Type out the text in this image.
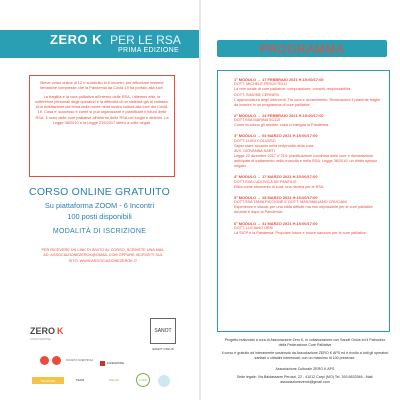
ZERO K PER LE RSA
PRIMA EDIZIONE

Breve corso online di 12 h suddiviso in 6 incontri, per affrontare insieme tematiche complesse che la Pandemia da Covid-19 ha portato alla luce.

La fragilità e la cura palliativa all'interno delle RSA, i dilemmi etici, le sofferenze personali degli operatori e la difficoltà di un sistema già al collasso. Una rivisitazione del tema della morte nella nostra cultura alla luce del Covid-19. Cosa e' successo e come si può organizzare e pianificare il futuro delle RSA. Il ruolo delle cure palliative all'interno delle RSA nei luoghi e dintorni. La Legge 38/2010 e la Legge 219/2017 dietro a volte negati.

CORSO ONLINE GRATUITO
Su piattaforma ZOOM - 6 Incontri
100 posti disponibili
MODALITÀ DI ISCRIZIONE
PER RICEVERE UN LINK DI INVITO AL CORSO, SCRIVETE UNA MAIL AD: ASSOCIAZIONEZEROK@GMAIL.COM OPPURE ISCRIVETI SUL SITO: WWW.ASSOCIAZIONEZEROK.IT
ZERO K
ASSOCIAZIONE
SANOT
SANOT ONLUS
SOCIETÀ SCIENTIFICA
FONDAZIONE
TELETASK	TEAM	SALUS	LOGO
PROGRAMMA
1° MODULO → 17 FEBBRAIO 2021 H.15:00/17:00
DOTT. MICHELE PESCETELLI
La rete locale di cure palliative: composizione, compiti, responsabilità
DOTT. SIMONE CERNESI
L'approcciatura degli Interventi. Tra cura e accanimento. Riconoscere il paziente fragile da inserire in un programma di cure palliative.
2° MODULO → 24 FEBBRAIO 2021 H.15:00/17:00
DOTT.SSA MARINA SOZZI
Come muoiono gli anziani: cosa ci insegna la Pandemia.
3° MODULO → 04 MARZO 2021 H.15:00/17:00
DOTT. LUIGI COLUSSO
Saper stare accanto nella reciprocità della cura.
AVV. GIOVANNA SARTI
Legge 22 dicembre 2017 n°219: pianificazione condivisa delle cure e dichiarazione anticipate di trattamento nella cronicità e nella RSA. Legge 38/2010: un diritto spesso negato.
4° MODULO → 17 MARZO 2021 H.15:00/17:00
DOTT.SSA LUDOVICA DE PANFILIS
Etica come strumento di cura: una risorsa per le RSA.
5° MODULO → 25 MARZO 2021 H.15:00/17:00
DOTT.SSA TANIA PICCIONE E DOTT. MASSIMILIANO CRUCIANI
Esperienze e vissuti: per una sfida difficile ma non impossibile per le cure palliative durante e dopo la Pandemia.
6° MODULO → 31 MARZO 2021 H.15:00/17:00
DOTT. LUCIANO ORSI
La SICP e la Pandemia. Proposte future e nuove sanzioni per le cure palliative.
Progetto realizzato a cura di Associazione Zero K, in collaborazione con Sanoit Onlus ed il Patrocinio della Federazione Cure Palliative
Il corso è gratuito ed interamente sostenuto da Associazione ZERO K APS ed è rivolto a tutti gli operatori sanitari o cittadini interessati, con un massimo di 100 presenze.
Associazione Culturale ZERO K APS
Sede legale: Via Baldassarre Peruzzi, 22 - 41012 Carpi (MO) Tel. 393 6632546 - Mail: associazionezerok@gmail.com
